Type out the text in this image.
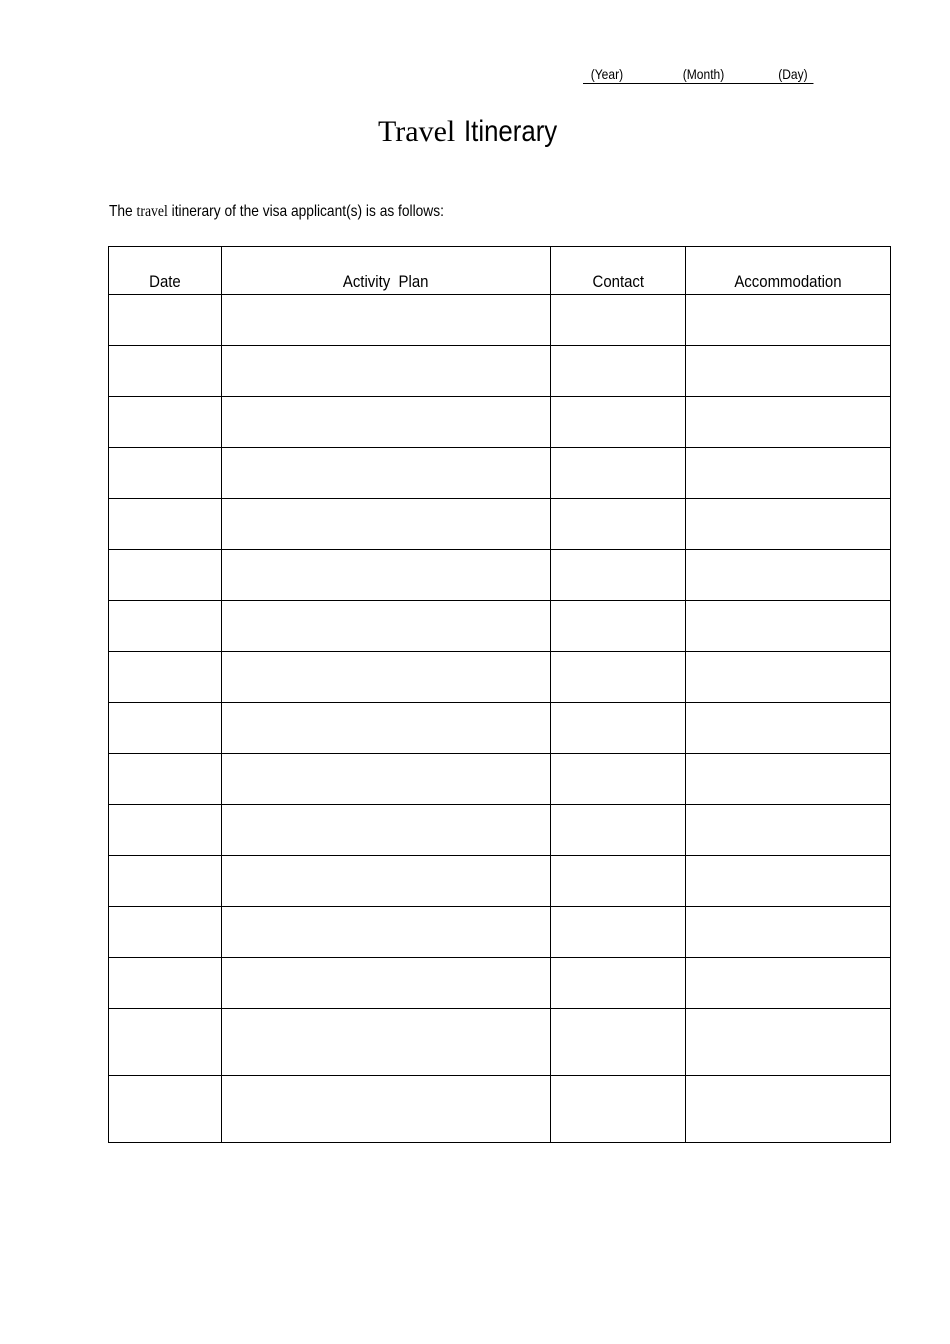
(Year)	(Month)	(Day)
Travel Itinerary
The travel itinerary of the visa applicant(s) is as follows:
Date	Activity  Plan	Contact	Accommodation
